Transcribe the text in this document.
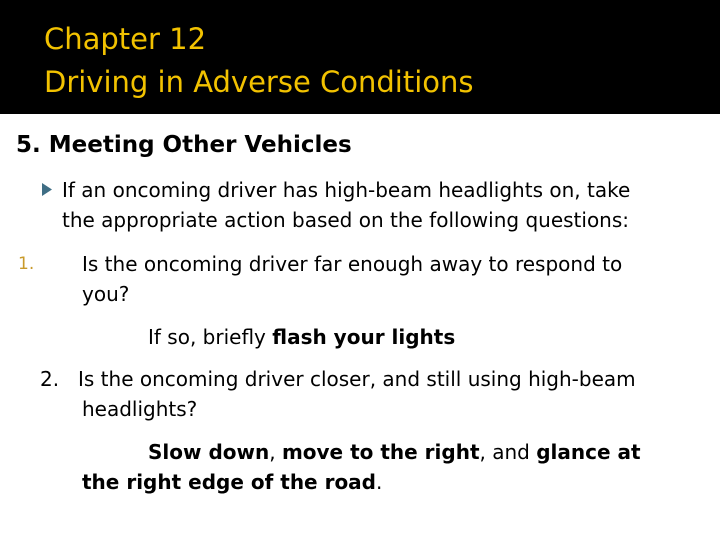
Chapter 12
Driving in Adverse Conditions
5. Meeting Other Vehicles
If an oncoming driver has high-beam headlights on, take
the appropriate action based on the following questions:
1. Is the oncoming driver far enough away to respond to
you?
If so, briefly flash your lights
2. Is the oncoming driver closer, and still using high-beam
headlights?
Slow down, move to the right, and glance at
the right edge of the road.
